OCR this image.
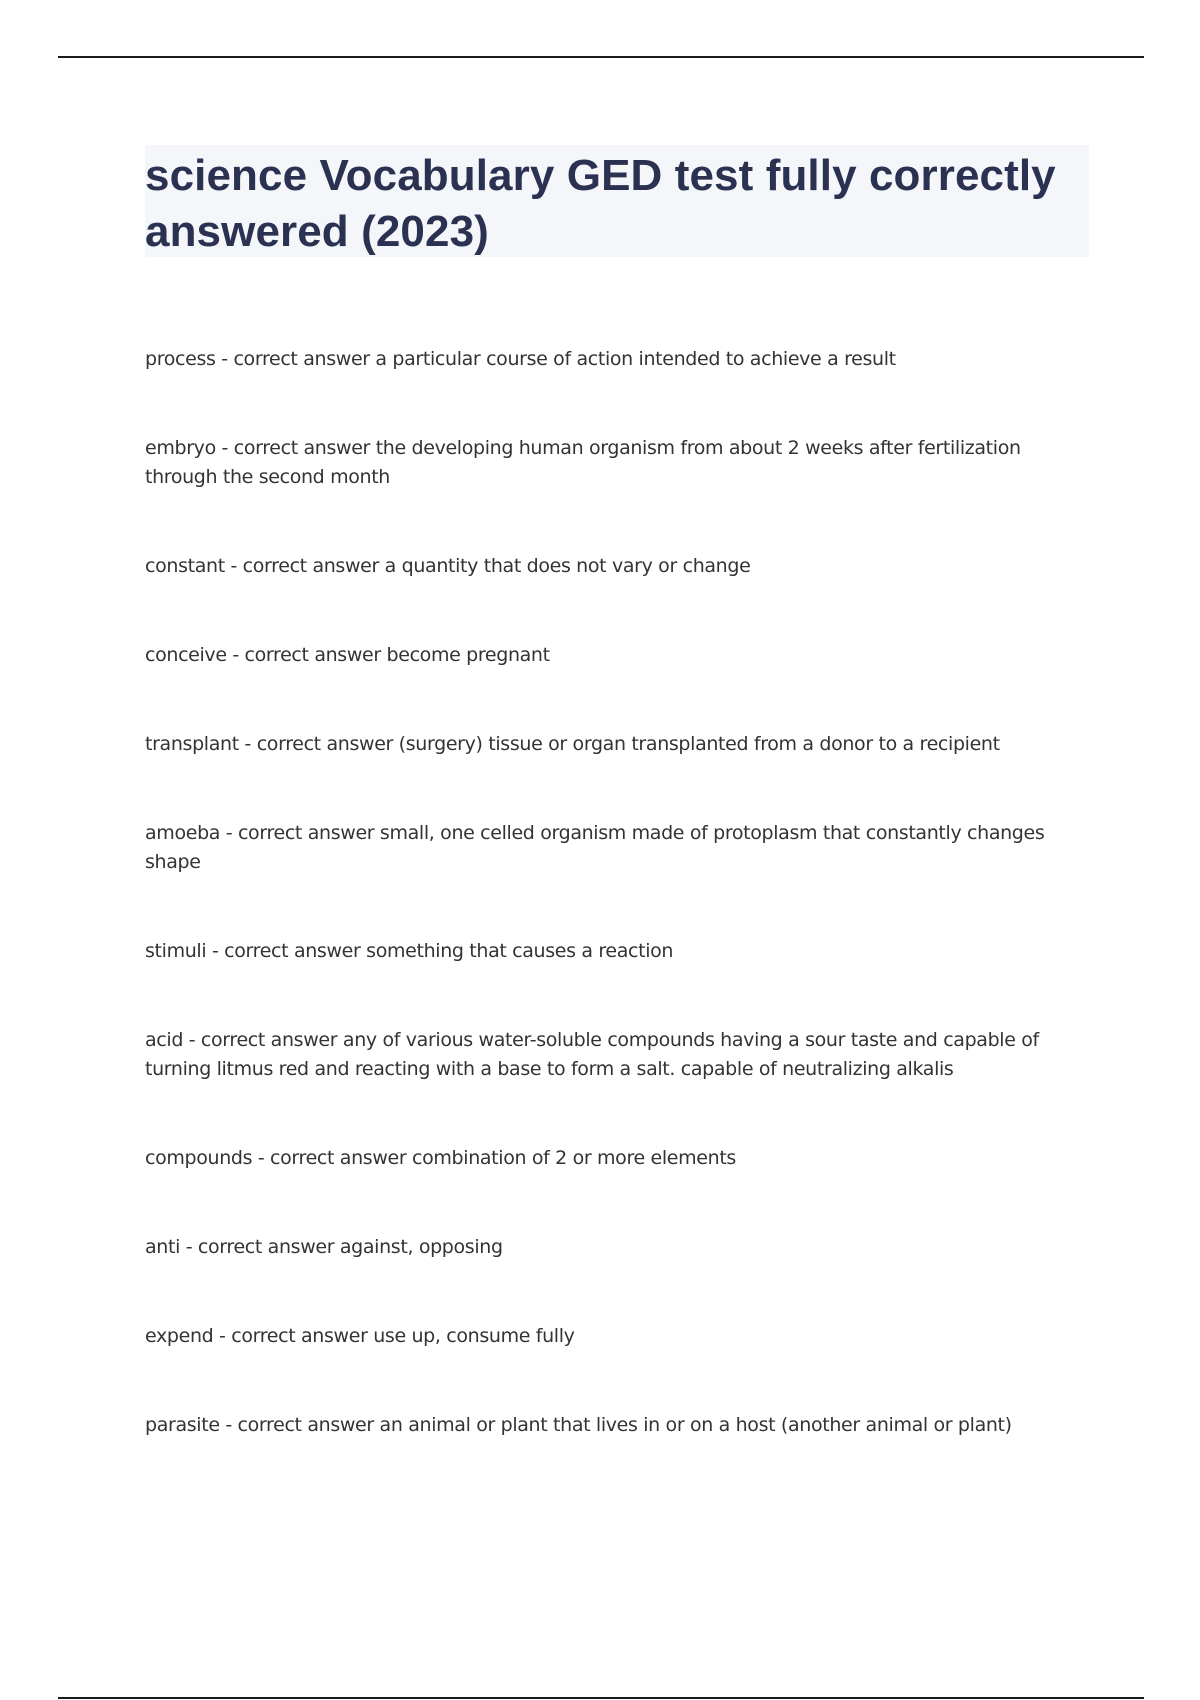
science Vocabulary GED test fully correctly answered (2023)
process - correct answer a particular course of action intended to achieve a result
embryo - correct answer the developing human organism from about 2 weeks after fertilization through the second month
constant - correct answer a quantity that does not vary or change
conceive - correct answer become pregnant
transplant - correct answer (surgery) tissue or organ transplanted from a donor to a recipient
amoeba - correct answer small, one celled organism made of protoplasm that constantly changes shape
stimuli - correct answer something that causes a reaction
acid - correct answer any of various water-soluble compounds having a sour taste and capable of turning litmus red and reacting with a base to form a salt. capable of neutralizing alkalis
compounds - correct answer combination of 2 or more elements
anti - correct answer against, opposing
expend - correct answer use up, consume fully
parasite - correct answer an animal or plant that lives in or on a host (another animal or plant)
